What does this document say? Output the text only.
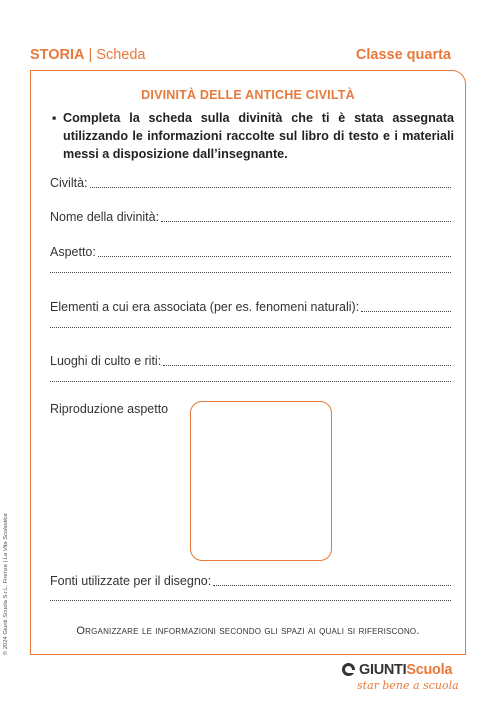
STORIA | Scheda	Classe quarta
DIVINITÀ DELLE ANTICHE CIVILTÀ
▪ Completa la scheda sulla divinità che ti è stata assegnata utilizzando le informazioni raccolte sul libro di testo e i materiali messi a disposizione dall’insegnante.
Civiltà:
Nome della divinità:
Aspetto:
Elementi a cui era associata (per es. fenomeni naturali):
Luoghi di culto e riti:
Riproduzione aspetto
Fonti utilizzate per il disegno:
Organizzare le informazioni secondo gli spazi ai quali si riferiscono.
© 2024 Giunti Scuola S.r.L. Firenze | La Vita Scolastica
GIUNTIScuola
star bene a scuola
